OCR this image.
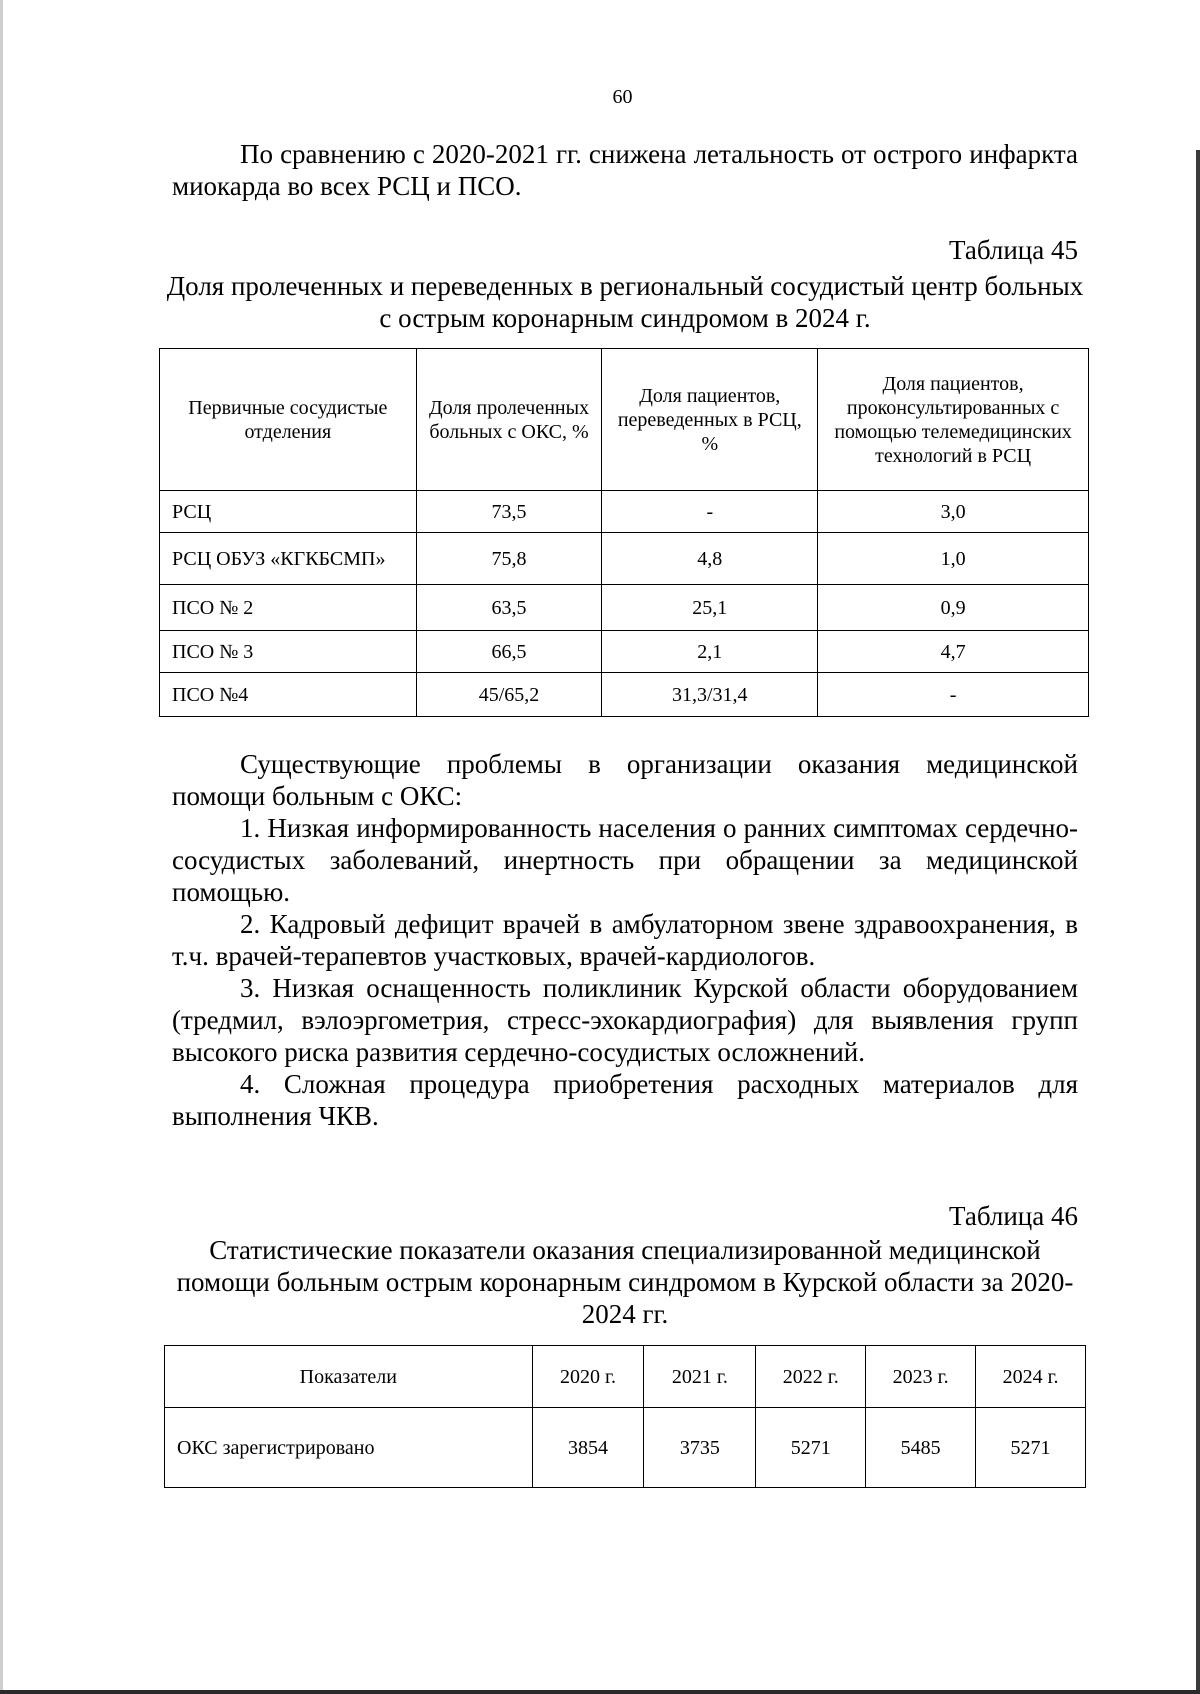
60

По сравнению с 2020-2021 гг. снижена летальность от острого инфаркта миокарда во всех РСЦ и ПСО.

Таблица 45
Доля пролеченных и переведенных в региональный сосудистый центр больных с острым коронарным синдромом в 2024 г.
Первичные сосудистые отделения	Доля пролеченных больных с ОКС, %	Доля пациентов, переведенных в РСЦ, %	Доля пациентов, проконсультированных с помощью телемедицинских технологий в РСЦ
РСЦ	73,5	-	3,0
РСЦ ОБУЗ «КГКБСМП»	75,8	4,8	1,0
ПСО № 2	63,5	25,1	0,9
ПСО № 3	66,5	2,1	4,7
ПСО №4	45/65,2	31,3/31,4	-

Существующие проблемы в организации оказания медицинской помощи больным с ОКС:

1. Низкая информированность населения о ранних симптомах сердечно-сосудистых заболеваний, инертность при обращении за медицинской помощью.

2. Кадровый дефицит врачей в амбулаторном звене здравоохранения, в т.ч. врачей-терапевтов участковых, врачей-кардиологов.

3. Низкая оснащенность поликлиник Курской области оборудованием (тредмил, вэлоэргометрия, стресс-эхокардиография) для выявления групп высокого риска развития сердечно-сосудистых осложнений.

4. Сложная процедура приобретения расходных материалов для выполнения ЧКВ.

Таблица 46
Статистические показатели оказания специализированной медицинской помощи больным острым коронарным синдромом в Курской области за 2020-2024 гг.
Показатели	2020 г.	2021 г.	2022 г.	2023 г.	2024 г.
ОКС зарегистрировано	3854	3735	5271	5485	5271
